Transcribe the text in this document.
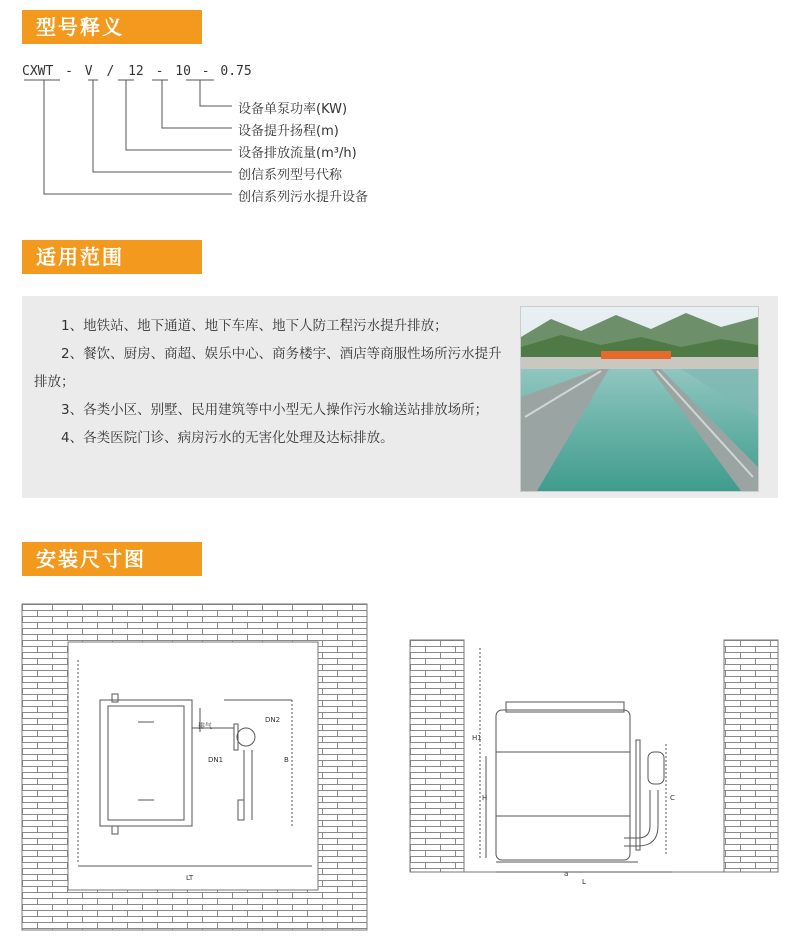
型号释义
CXWT - V / 12 - 10 - 0.75
设备单泵功率(KW)
设备提升扬程(m)
设备排放流量(m³/h)
创信系列型号代称
创信系列污水提升设备
适用范围

1、地铁站、地下通道、地下车库、地下人防工程污水提升排放；

2、餐饮、厨房、商超、娱乐中心、商务楼宇、酒店等商服性场所污水提升排放；

3、各类小区、别墅、民用建筑等中小型无人操作污水输送站排放场所；

4、各类医院门诊、病房污水的无害化处理及达标排放。

安装尺寸图
排气
DN2
DN1
LT
B
H1
H
a
L
C
